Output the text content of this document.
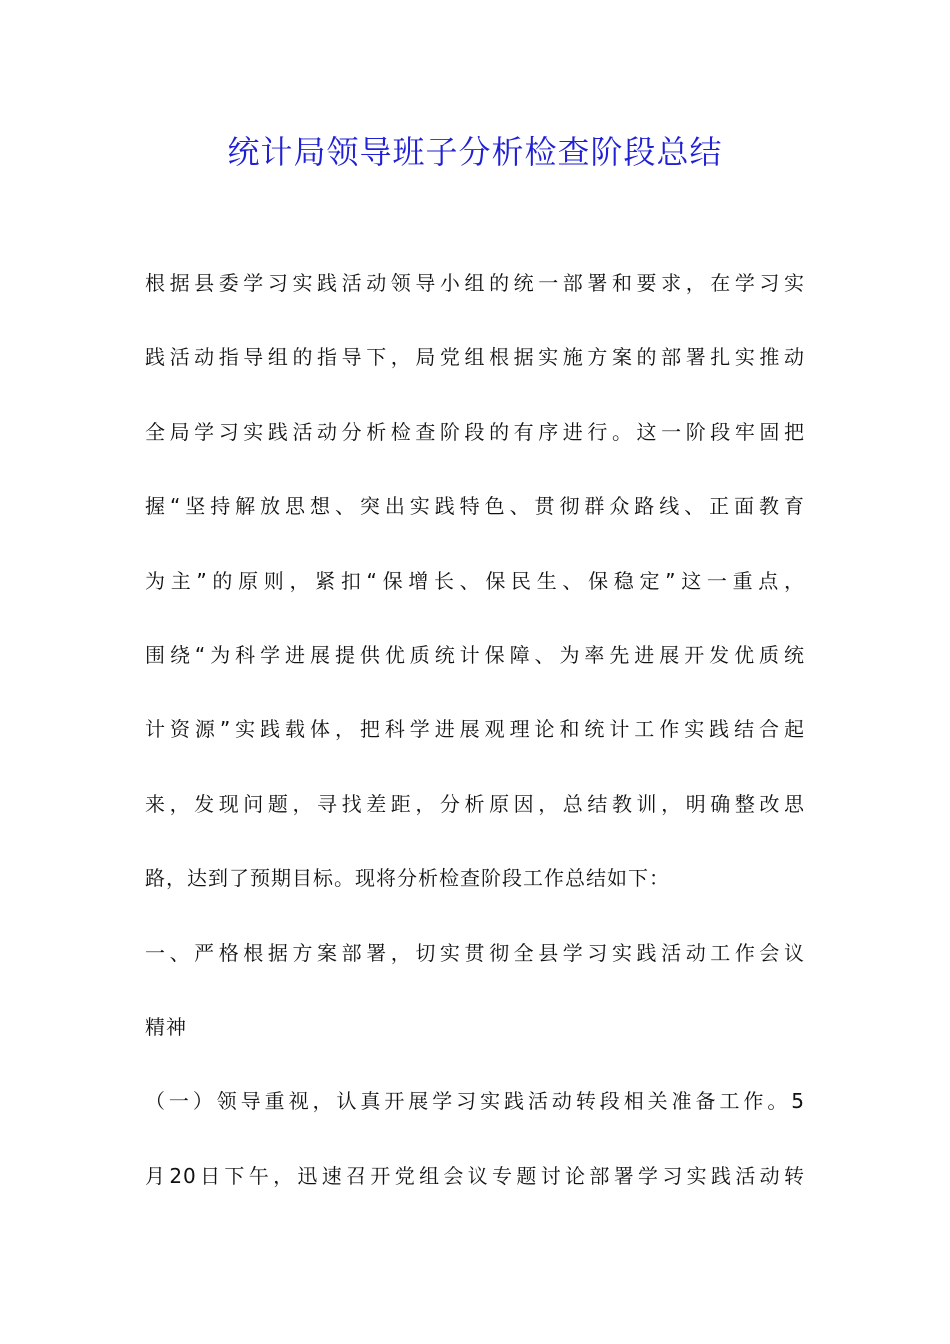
统计局领导班子分析检查阶段总结
根据县委学习实践活动领导小组的统一部署和要求，在学习实
践活动指导组的指导下，局党组根据实施方案的部署扎实推动
全局学习实践活动分析检查阶段的有序进行。这一阶段牢固把
握“坚持解放思想、突出实践特色、贯彻群众路线、正面教育
为主”的原则，紧扣“保增长、保民生、保稳定”这一重点，
围绕“为科学进展提供优质统计保障、为率先进展开发优质统
计资源”实践载体，把科学进展观理论和统计工作实践结合起
来，发现问题，寻找差距，分析原因，总结教训，明确整改思
路，达到了预期目标。现将分析检查阶段工作总结如下：
一、严格根据方案部署，切实贯彻全县学习实践活动工作会议
精神
（一）领导重视，认真开展学习实践活动转段相关准备工作。5
月20日下午，迅速召开党组会议专题讨论部署学习实践活动转
